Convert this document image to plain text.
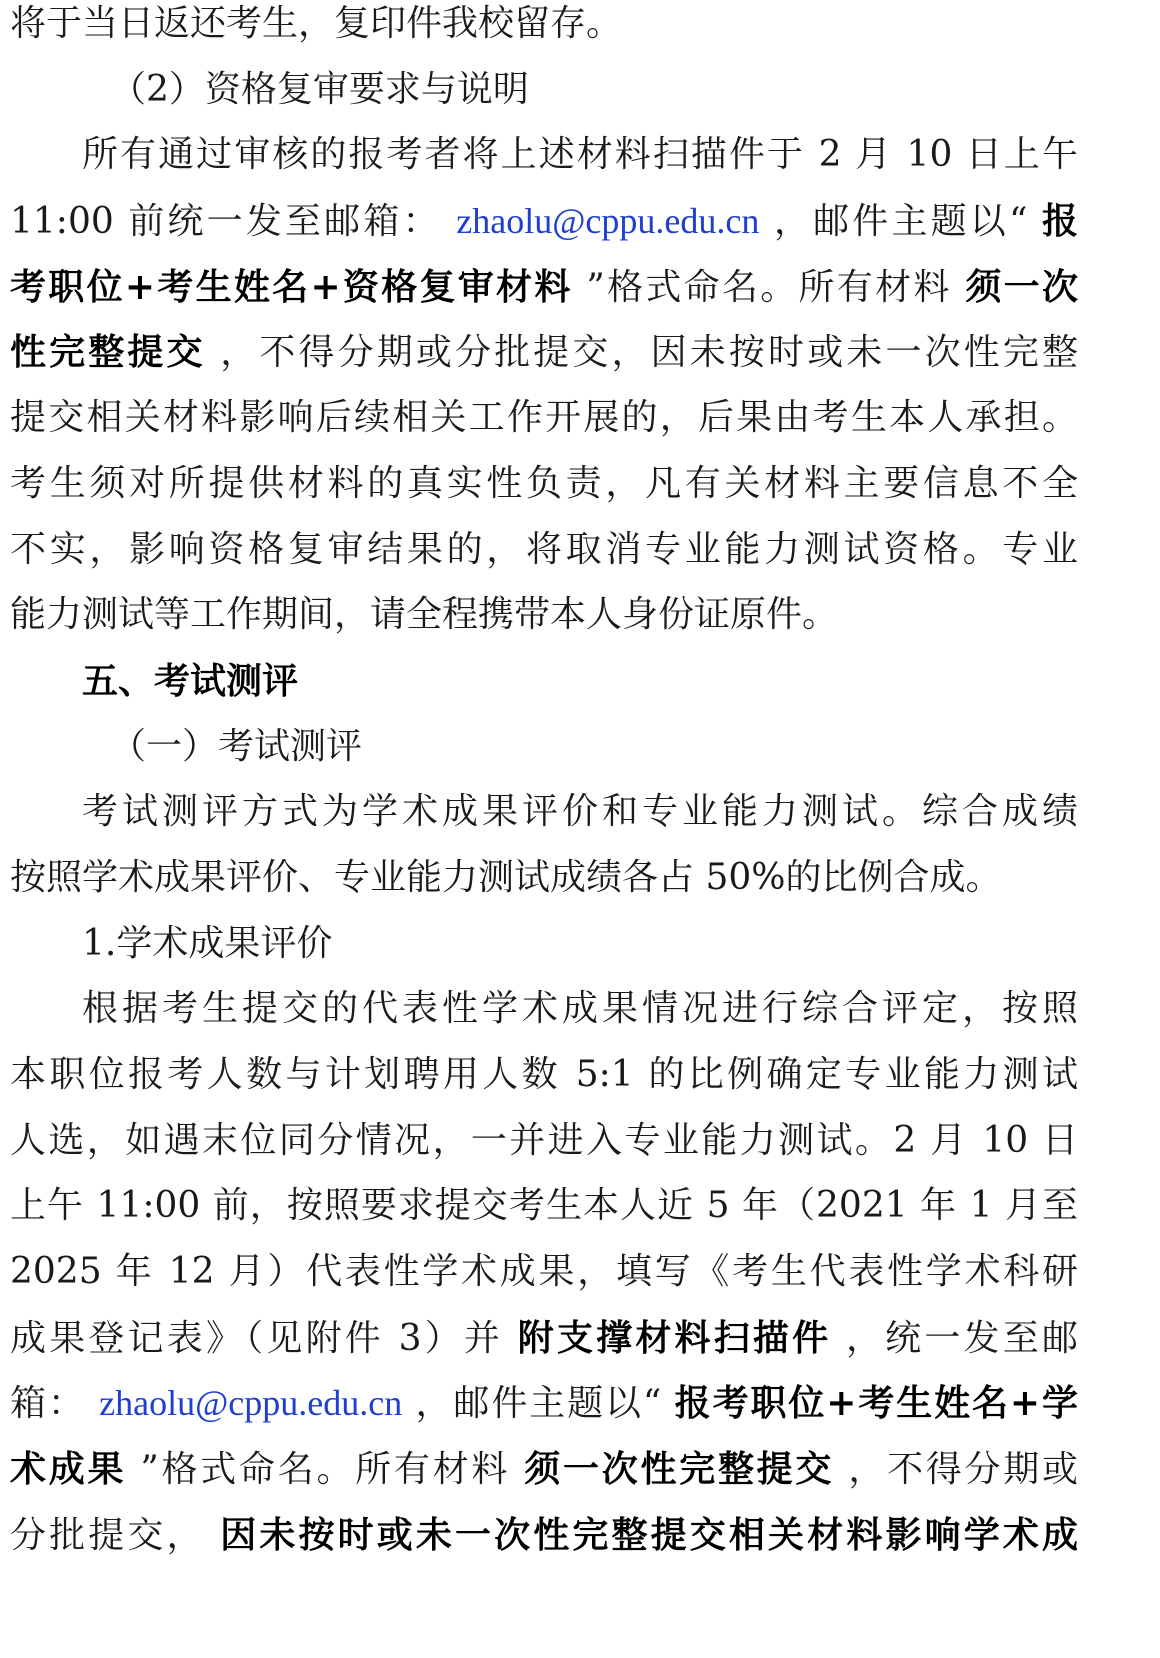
将于当日返还考生，复印件我校留存。
（2）资格复审要求与说明
所有通过审核的报考者将上述材料扫描件于 2 月 10 日上午
11:00 前统一发至邮箱： zhaolu@cppu.edu.cn ，邮件主题以“ 报
考职位+考生姓名+资格复审材料 ”格式命名。所有材料 须一次
性完整提交 ，不得分期或分批提交，因未按时或未一次性完整
提交相关材料影响后续相关工作开展的，后果由考生本人承担。
考生须对所提供材料的真实性负责，凡有关材料主要信息不全
不实，影响资格复审结果的，将取消专业能力测试资格。专业
能力测试等工作期间，请全程携带本人身份证原件。
五、考试测评
（一）考试测评
考试测评方式为学术成果评价和专业能力测试。综合成绩
按照学术成果评价、专业能力测试成绩各占 50%的比例合成。
1.学术成果评价
根据考生提交的代表性学术成果情况进行综合评定，按照
本职位报考人数与计划聘用人数 5:1 的比例确定专业能力测试
人选，如遇末位同分情况，一并进入专业能力测试。2 月 10 日
上午 11:00 前，按照要求提交考生本人近 5 年（2021 年 1 月至
2025 年 12 月）代表性学术成果，填写《考生代表性学术科研
成果登记表》（见附件 3）并 附支撑材料扫描件 ，统一发至邮
箱： zhaolu@cppu.edu.cn ，邮件主题以“ 报考职位+考生姓名+学
术成果 ”格式命名。所有材料 须一次性完整提交 ，不得分期或
分批提交， 因未按时或未一次性完整提交相关材料影响学术成
